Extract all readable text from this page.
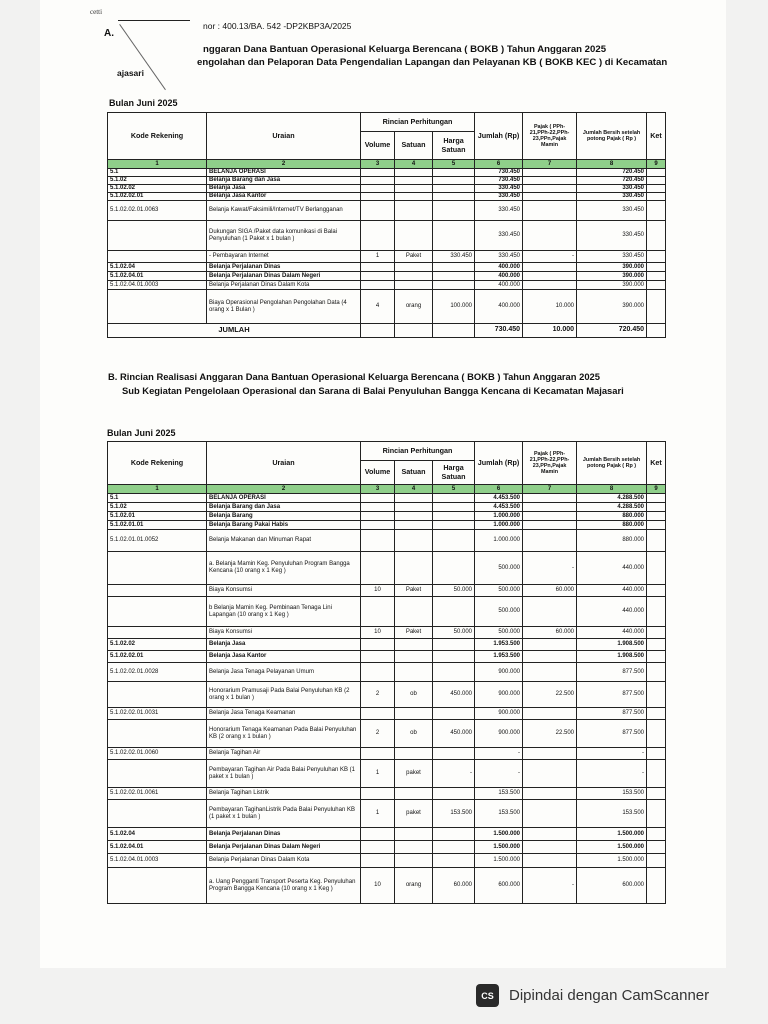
cetti
nor : 400.13/BA. 542 -DP2KBP3A/2025
A.
nggaran Dana Bantuan Operasional Keluarga Berencana ( BOKB ) Tahun Anggaran 2025
engolahan dan Pelaporan Data Pengendalian Lapangan dan Pelayanan KB ( BOKB KEC ) di Kecamatan
ajasari
Bulan Juni 2025
Kode Rekening	Uraian	Rincian Perhitungan			Jumlah (Rp)	Pajak ( PPh-21,PPh-22,PPh-23,PPn,Pajak Mamin	Jumlah Bersih setelah potong Pajak ( Rp )	Ket
		Volume	Satuan	Harga Satuan				
1	2	3	4	5	6	7	8	9
5.1	BELANJA OPERASI				730.450		720.450	
5.1.02	Belanja Barang dan Jasa				730.450		720.450	
5.1.02.02	Belanja Jasa				330.450		330.450	
5.1.02.02.01	Belanja Jasa Kantor				330.450		330.450	
5.1.02.02.01.0063	Belanja Kawat/Faksimili/Internet/TV Berlangganan				330.450		330.450	
	Dukungan SIGA /Paket data komunikasi di Balai Penyuluhan (1 Paket x 1 bulan )				330.450		330.450	
	- Pembayaran Internet	1	Paket	330.450	330.450	-	330.450	
5.1.02.04	Belanja Perjalanan Dinas				400.000		390.000	
5.1.02.04.01	Belanja Perjalanan Dinas Dalam Negeri				400.000		390.000	
5.1.02.04.01.0003	Belanja Perjalanan Dinas Dalam Kota				400.000		390.000	
	Biaya Operasional Pengolahan Pengolahan Data (4 orang x 1 Bulan )	4	orang	100.000	400.000	10.000	390.000	
JUMLAH					730.450	10.000	720.450	
B. Rincian Realisasi Anggaran Dana Bantuan Operasional Keluarga Berencana ( BOKB ) Tahun Anggaran 2025
Sub Kegiatan Pengelolaan Operasional dan Sarana di Balai Penyuluhan Bangga Kencana di Kecamatan Majasari
Bulan Juni 2025
Kode Rekening	Uraian	Rincian Perhitungan			Jumlah (Rp)	Pajak ( PPh-21,PPh-22,PPh-23,PPn,Pajak Mamin	Jumlah Bersih setelah potong Pajak ( Rp )	Ket
		Volume	Satuan	Harga Satuan				
1	2	3	4	5	6	7	8	9
5.1	BELANJA OPERASI				4.453.500		4.288.500	
5.1.02	Belanja Barang dan Jasa				4.453.500		4.288.500	
5.1.02.01	Belanja Barang				1.000.000		880.000	
5.1.02.01.01	Belanja Barang Pakai Habis				1.000.000		880.000	
5.1.02.01.01.0052	Belanja Makanan dan Minuman Rapat				1.000.000		880.000	
	a. Belanja Mamin Keg. Penyuluhan Program Bangga Kencana (10 orang x 1 Keg )				500.000	-	440.000	
	Biaya Konsumsi	10	Paket	50.000	500.000	60.000	440.000	
	b Belanja Mamin Keg. Pembinaan Tenaga Lini Lapangan (10 orang x 1 Keg )				500.000		440.000	
	Biaya Konsumsi	10	Paket	50.000	500.000	60.000	440.000	
5.1.02.02	Belanja Jasa				1.953.500		1.908.500	
5.1.02.02.01	Belanja Jasa Kantor				1.953.500		1.908.500	
5.1.02.02.01.0028	Belanja Jasa Tenaga Pelayanan Umum				900.000		877.500	
	Honorarium Pramusaji Pada Balai Penyuluhan KB (2 orang x 1 bulan )	2	ob	450.000	900.000	22.500	877.500	
5.1.02.02.01.0031	Belanja Jasa Tenaga Keamanan				900.000		877.500	
	Honorarium Tenaga Keamanan Pada Balai Penyuluhan KB (2 orang x 1 bulan )	2	ob	450.000	900.000	22.500	877.500	
5.1.02.02.01.0060	Belanja Tagihan Air				-		-	
	Pembayaran Tagihan Air Pada Balai Penyuluhan KB (1 paket x 1 bulan )	1	paket	-	-		-	
5.1.02.02.01.0061	Belanja Tagihan Listrik				153.500		153.500	
	Pembayaran TagihanListrik Pada Balai Penyuluhan KB (1 paket x 1 bulan )	1	paket	153.500	153.500		153.500	
5.1.02.04	Belanja Perjalanan Dinas				1.500.000		1.500.000	
5.1.02.04.01	Belanja Perjalanan Dinas Dalam Negeri				1.500.000		1.500.000	
5.1.02.04.01.0003	Belanja Perjalanan Dinas Dalam Kota				1.500.000		1.500.000	
	a. Uang Pengganti Transport Peserta Keg. Penyuluhan Program Bangga Kencana (10 orang x 1 Keg )	10	orang	60.000	600.000	-	600.000	
CS	Dipindai dengan CamScanner
